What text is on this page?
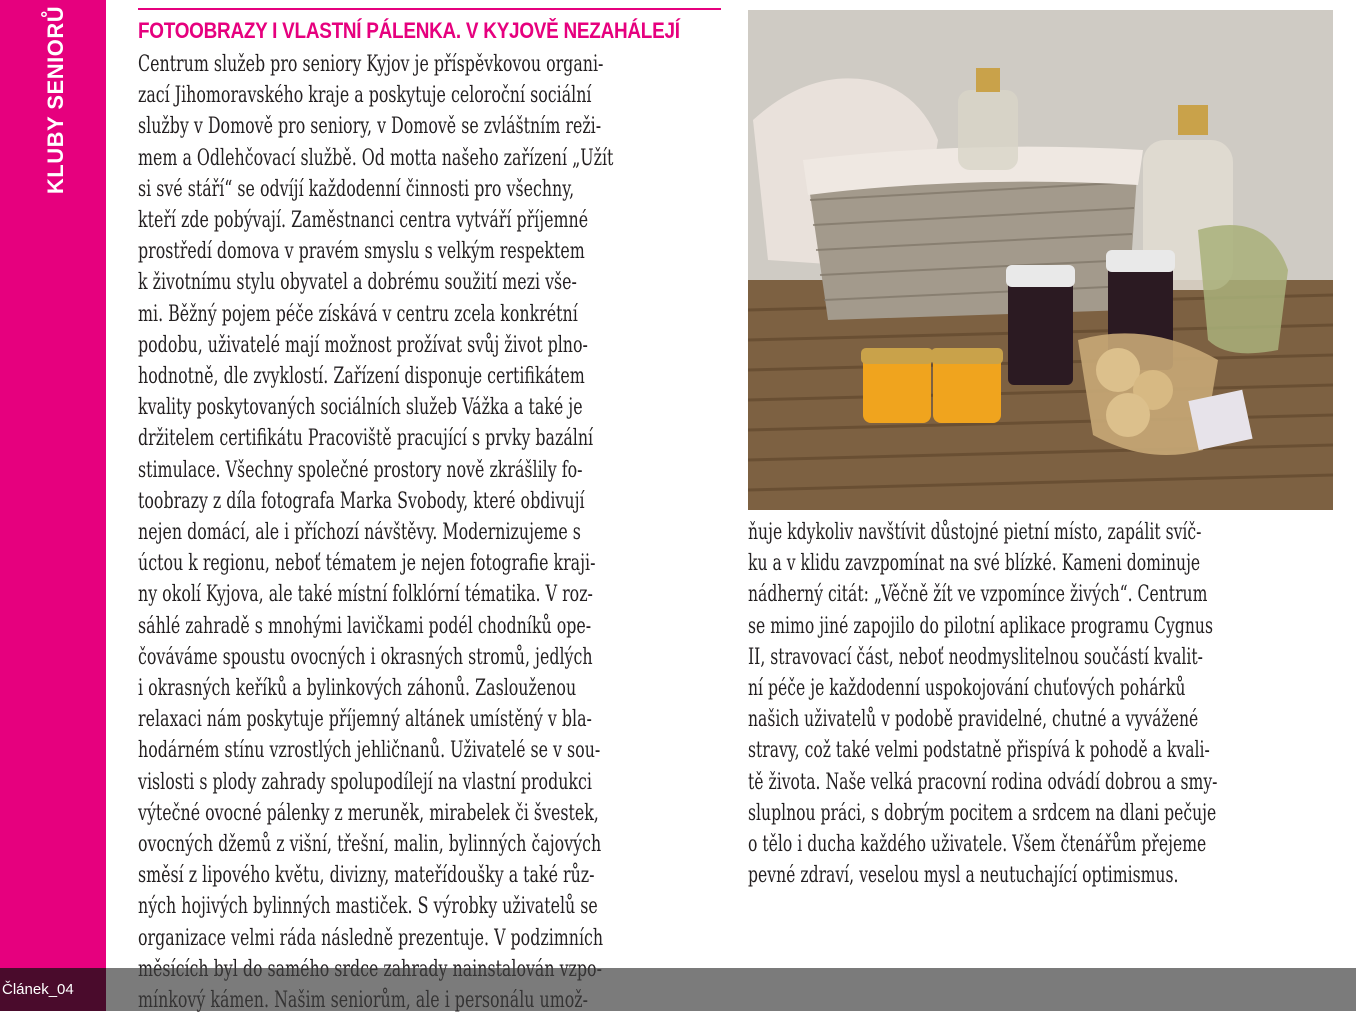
KLUBY SENIORŮ	FOTOOBRAZY I VLASTNÍ PÁLENKA. V KYJOVĚ NEZAHÁLEJÍ
Centrum služeb pro seniory Kyjov je příspěvkovou organi-
zací Jihomoravského kraje a poskytuje celoroční sociální
služby v Domově pro seniory, v Domově se zvláštním reži-
mem a Odlehčovací službě. Od motta našeho zařízení „Užít
si své stáří“ se odvíjí každodenní činnosti pro všechny,
kteří zde pobývají. Zaměstnanci centra vytváří příjemné
prostředí domova v pravém smyslu s velkým respektem
k životnímu stylu obyvatel a dobrému soužití mezi vše-
mi. Běžný pojem péče získává v centru zcela konkrétní
podobu, uživatelé mají možnost prožívat svůj život plno-
hodnotně, dle zvyklostí. Zařízení disponuje certifikátem
kvality poskytovaných sociálních služeb Vážka a také je
držitelem certifikátu Pracoviště pracující s prvky bazální
stimulace. Všechny společné prostory nově zkrášlily fo-
toobrazy z díla fotografa Marka Svobody, které obdivují
nejen domácí, ale i příchozí návštěvy. Modernizujeme s
úctou k regionu, neboť tématem je nejen fotografie kraji-
ny okolí Kyjova, ale také místní folklórní tématika. V roz-
sáhlé zahradě s mnohými lavičkami podél chodníků ope-
čováváme spoustu ovocných i okrasných stromů, jedlých
i okrasných keříků a bylinkových záhonů. Zaslouženou
relaxaci nám poskytuje příjemný altánek umístěný v bla-
hodárném stínu vzrostlých jehličnanů. Uživatelé se v sou-
vislosti s plody zahrady spolupodílejí na vlastní produkci
výtečné ovocné pálenky z meruněk, mirabelek či švestek,
ovocných džemů z višní, třešní, malin, bylinných čajových
směsí z lipového květu, divizny, mateřídoušky a také růz-
ných hojivých bylinných mastiček. S výrobky uživatelů se
organizace velmi ráda následně prezentuje. V podzimních
ňuje kdykoliv navštívit důstojné pietní místo, zapálit svíč-
ku a v klidu zavzpomínat na své blízké. Kameni dominuje
nádherný citát: „Věčně žít ve vzpomínce živých“. Centrum
se mimo jiné zapojilo do pilotní aplikace programu Cygnus
II, stravovací část, neboť neodmyslitelnou součástí kvalit-
ní péče je každodenní uspokojování chuťových pohárků
našich uživatelů v podobě pravidelné, chutné a vyvážené
stravy, což také velmi podstatně přispívá k pohodě a kvali-
tě života. Naše velká pracovní rodina odvádí dobrou a smy-
sluplnou práci, s dobrým pocitem a srdcem na dlani pečuje
o tělo i ducha každého uživatele. Všem čtenářům přejeme
pevné zdraví, veselou mysl a neutuchající optimismus.
Článek_04
